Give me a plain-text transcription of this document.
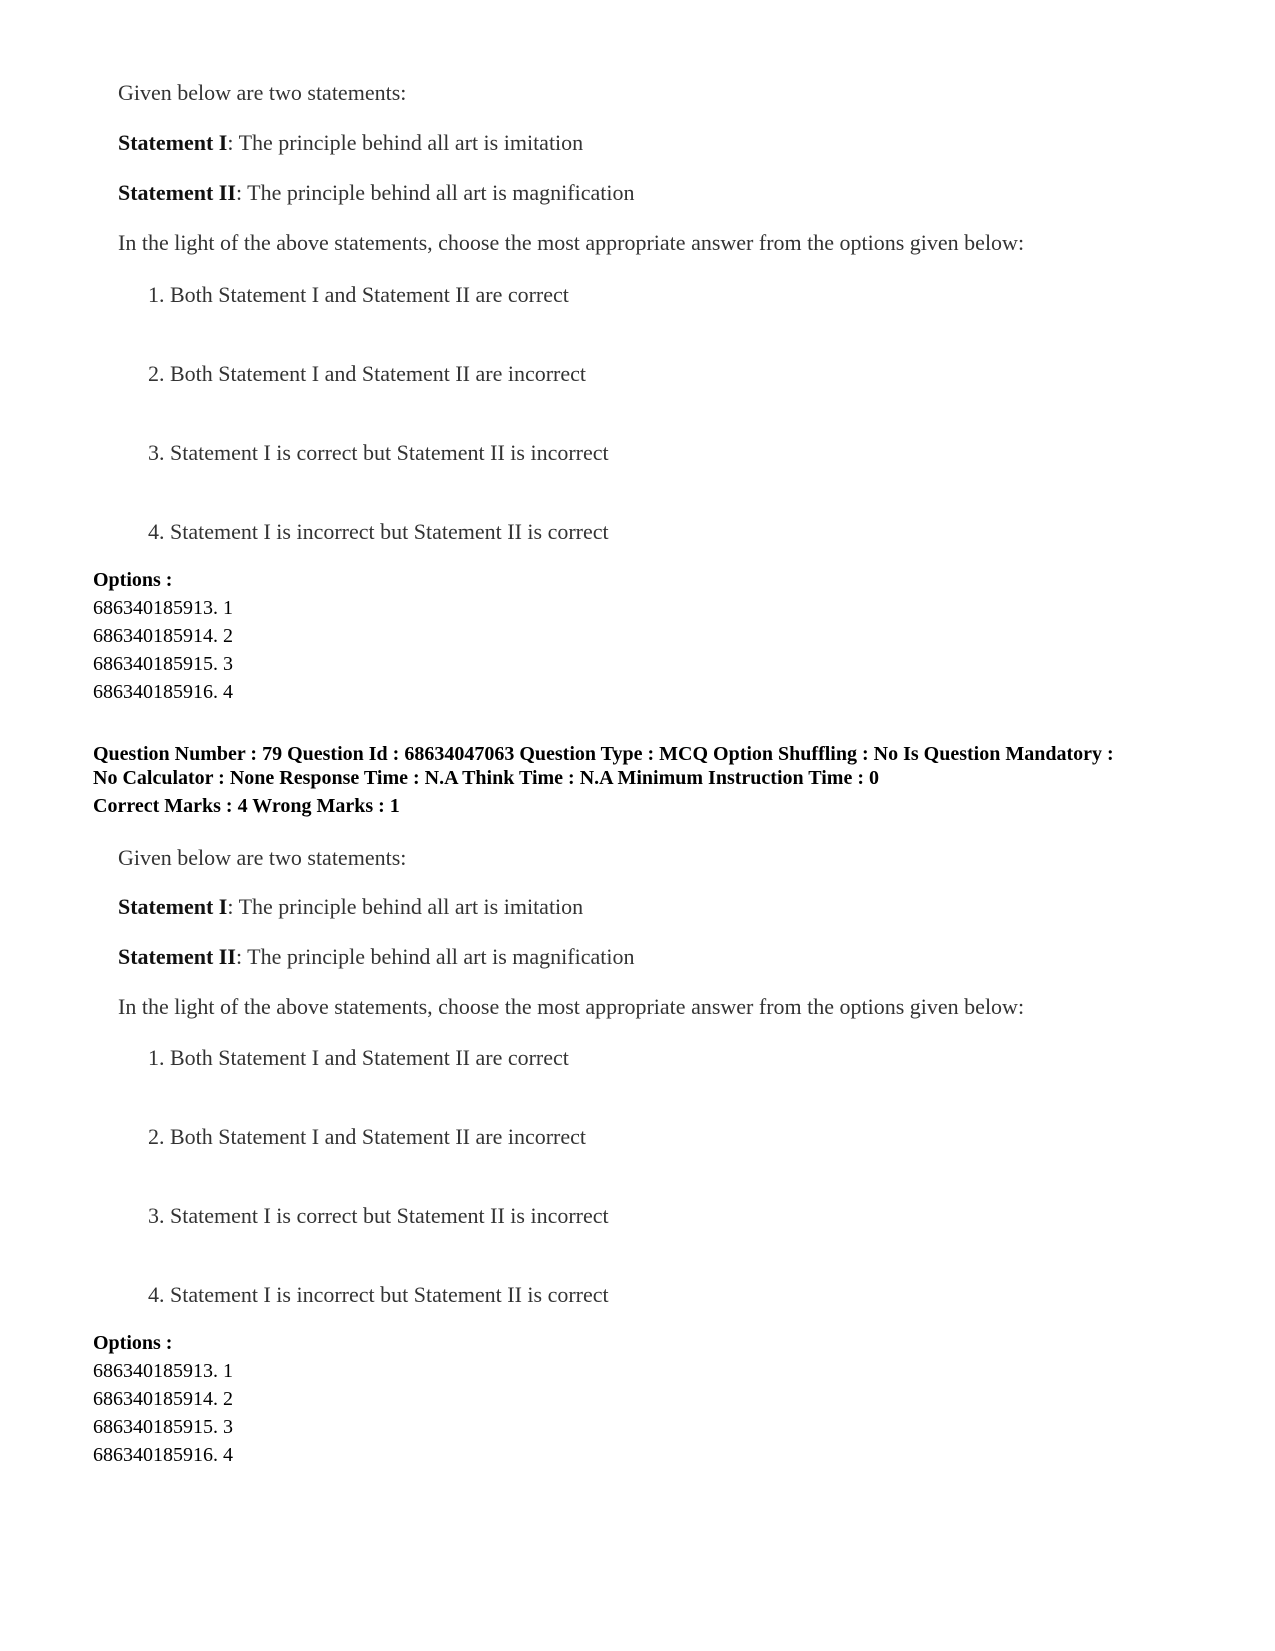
Given below are two statements:
Statement I: The principle behind all art is imitation
Statement II: The principle behind all art is magnification
In the light of the above statements, choose the most appropriate answer from the options given below:
1. Both Statement I and Statement II are correct
2. Both Statement I and Statement II are incorrect
3. Statement I is correct but Statement II is incorrect
4. Statement I is incorrect but Statement II is correct
Options :
686340185913. 1
686340185914. 2
686340185915. 3
686340185916. 4
Question Number : 79 Question Id : 68634047063 Question Type : MCQ Option Shuffling : No Is Question Mandatory :
No Calculator : None Response Time : N.A Think Time : N.A Minimum Instruction Time : 0
Correct Marks : 4 Wrong Marks : 1
Given below are two statements:
Statement I: The principle behind all art is imitation
Statement II: The principle behind all art is magnification
In the light of the above statements, choose the most appropriate answer from the options given below:
1. Both Statement I and Statement II are correct
2. Both Statement I and Statement II are incorrect
3. Statement I is correct but Statement II is incorrect
4. Statement I is incorrect but Statement II is correct
Options :
686340185913. 1
686340185914. 2
686340185915. 3
686340185916. 4
